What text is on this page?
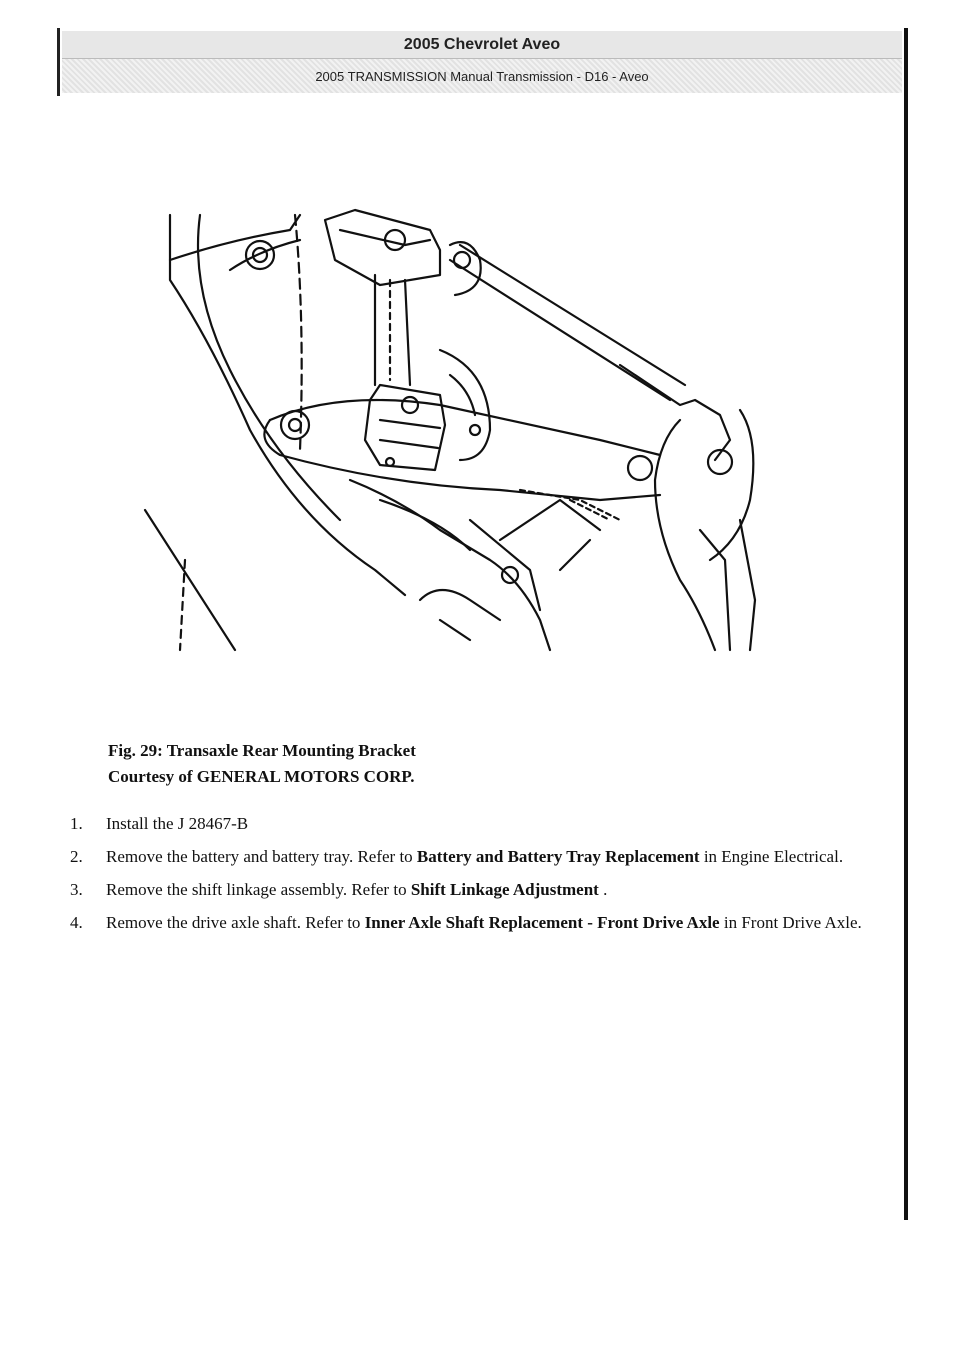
2005 Chevrolet Aveo
2005 TRANSMISSION Manual Transmission - D16 - Aveo
Fig. 29: Transaxle Rear Mounting Bracket
Courtesy of GENERAL MOTORS CORP.
1.	Install the J 28467-B
2.	Remove the battery and battery tray. Refer to Battery and Battery Tray Replacement in Engine Electrical.
3.	Remove the shift linkage assembly. Refer to Shift Linkage Adjustment .
4.	Remove the drive axle shaft. Refer to Inner Axle Shaft Replacement - Front Drive Axle in Front Drive Axle.
